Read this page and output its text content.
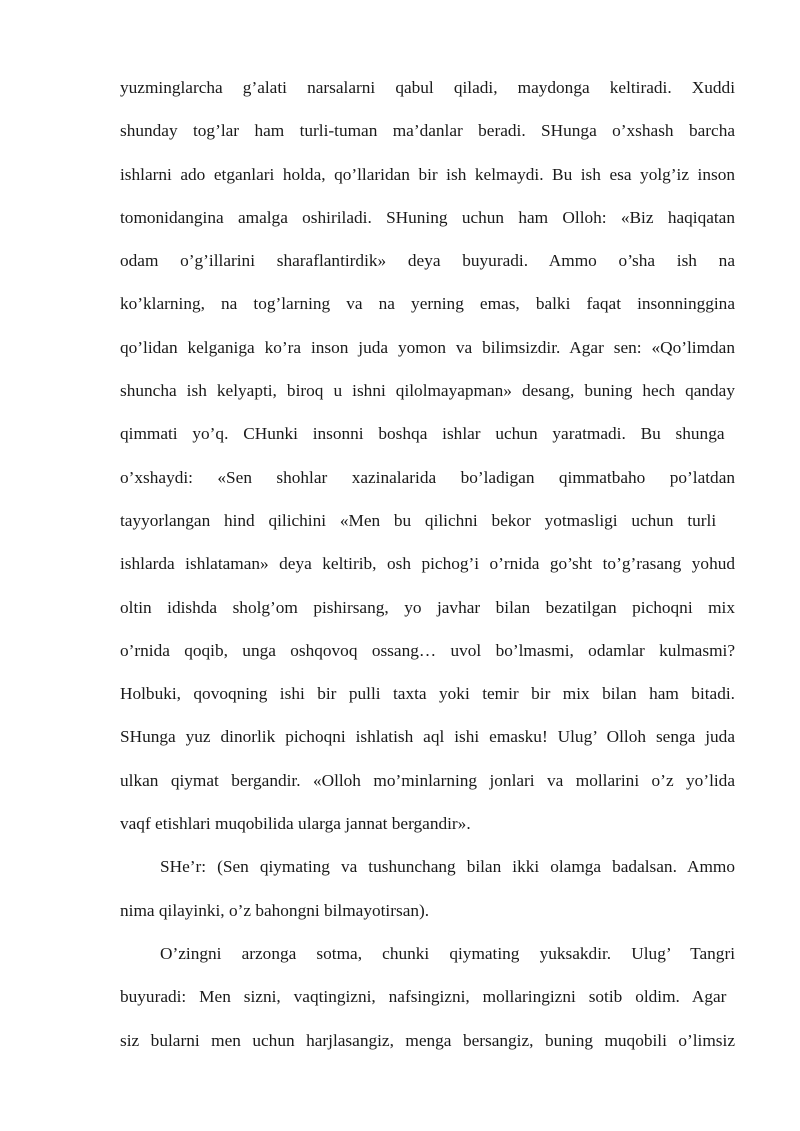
yuzminglarcha g’alati narsalarni qabul qiladi, maydonga keltiradi. Xuddi
shunday tog’lar ham turli-tuman ma’danlar beradi. SHunga o’xshash barcha
ishlarni ado etganlari holda, qo’llaridan bir ish kelmaydi. Bu ish esa yolg’iz inson
tomonidangina amalga oshiriladi. SHuning uchun ham Olloh: «Biz haqiqatan
odam o’g’illarini sharaflantirdik» deya buyuradi. Ammo o’sha ish na
ko’klarning, na tog’larning va na yerning emas, balki faqat insonninggina
qo’lidan kelganiga ko’ra inson juda yomon va bilimsizdir. Agar sen: «Qo’limdan
shuncha ish kelyapti, biroq u ishni qilolmayapman» desang, buning hech qanday
qimmati yo’q. CHunki insonni boshqa ishlar uchun yaratmadi. Bu shunga
o’xshaydi: «Sen shohlar xazinalarida bo’ladigan qimmatbaho po’latdan
tayyorlangan hind qilichini «Men bu qilichni bekor yotmasligi uchun turli
ishlarda ishlataman» deya keltirib, osh pichog’i o’rnida go’sht to’g’rasang yohud
oltin idishda sholg’om pishirsang, yo javhar bilan bezatilgan pichoqni mix
o’rnida qoqib, unga oshqovoq ossang… uvol bo’lmasmi, odamlar kulmasmi?
Holbuki, qovoqning ishi bir pulli taxta yoki temir bir mix bilan ham bitadi.
SHunga yuz dinorlik pichoqni ishlatish aql ishi emasku! Ulug’ Olloh senga juda
ulkan qiymat bergandir. «Olloh mo’minlarning jonlari va mollarini o’z yo’lida
vaqf etishlari muqobilida ularga jannat bergandir».
SHe’r: (Sen qiymating va tushunchang bilan ikki olamga badalsan. Ammo
nima qilayinki, o’z bahongni bilmayotirsan).
O’zingni arzonga sotma, chunki qiymating yuksakdir. Ulug’ Tangri
buyuradi: Men sizni, vaqtingizni, nafsingizni, mollaringizni sotib oldim. Agar
siz bularni men uchun harjlasangiz, menga bersangiz, buning muqobili o’limsiz
